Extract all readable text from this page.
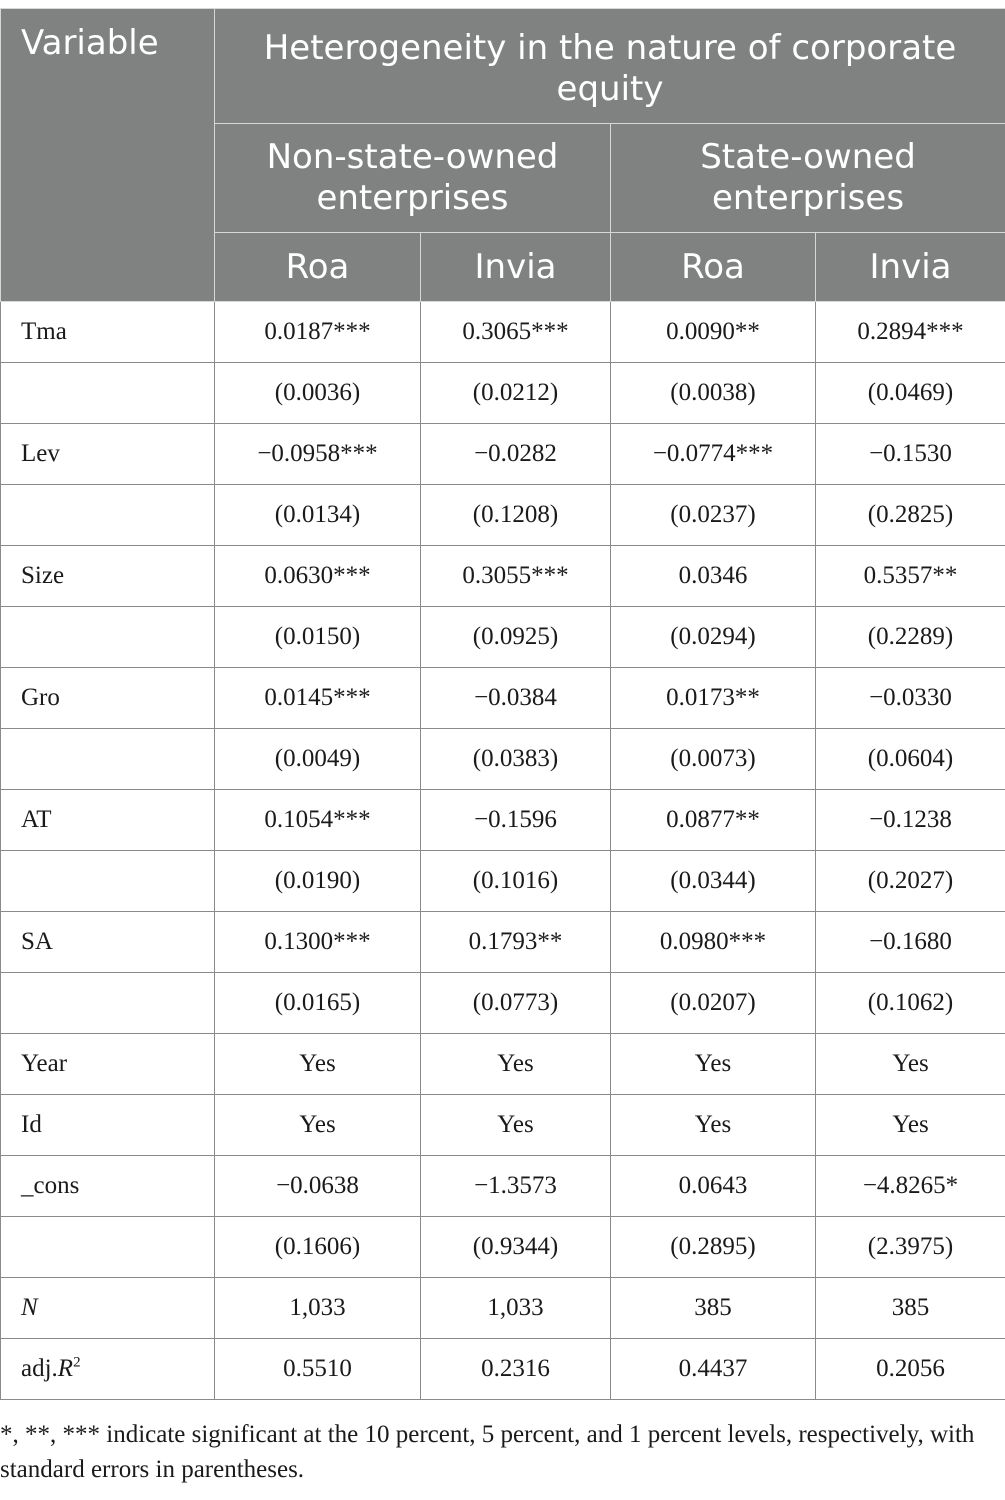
Variable	Heterogeneity in the nature of corporate equity			
	Non-state-owned enterprises		State-owned enterprises	
	Roa	Invia	Roa	Invia
Tma	0.0187***	0.3065***	0.0090**	0.2894***
	(0.0036)	(0.0212)	(0.0038)	(0.0469)
Lev	−0.0958***	−0.0282	−0.0774***	−0.1530
	(0.0134)	(0.1208)	(0.0237)	(0.2825)
Size	0.0630***	0.3055***	0.0346	0.5357**
	(0.0150)	(0.0925)	(0.0294)	(0.2289)
Gro	0.0145***	−0.0384	0.0173**	−0.0330
	(0.0049)	(0.0383)	(0.0073)	(0.0604)
AT	0.1054***	−0.1596	0.0877**	−0.1238
	(0.0190)	(0.1016)	(0.0344)	(0.2027)
SA	0.1300***	0.1793**	0.0980***	−0.1680
	(0.0165)	(0.0773)	(0.0207)	(0.1062)
Year	Yes	Yes	Yes	Yes
Id	Yes	Yes	Yes	Yes
_cons	−0.0638	−1.3573	0.0643	−4.8265*
	(0.1606)	(0.9344)	(0.2895)	(2.3975)
N	1,033	1,033	385	385
$adj.R^2$	0.5510	0.2316	0.4437	0.2056

*, **, *** indicate significant at the 10 percent, 5 percent, and 1 percent levels, respectively, with standard errors in parentheses.
